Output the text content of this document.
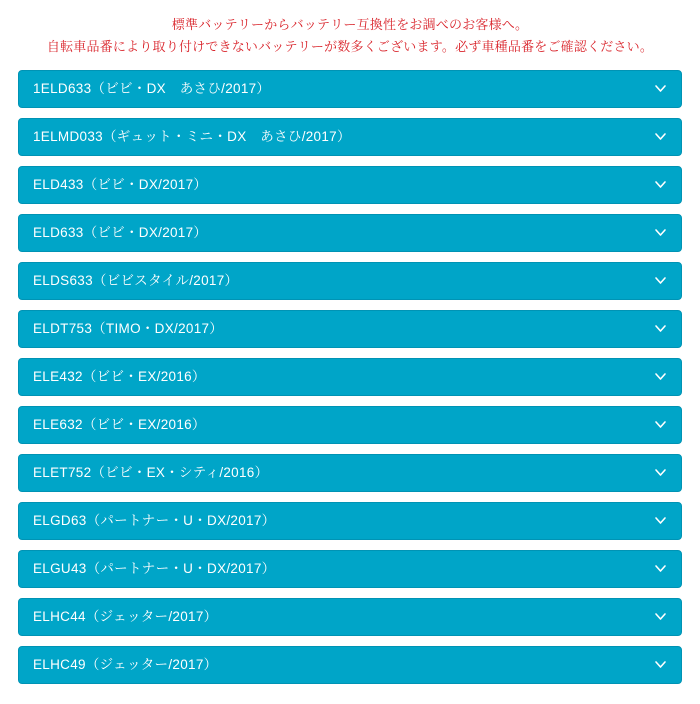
標準バッテリーからバッテリー互換性をお調べのお客様へ。
自転車品番により取り付けできないバッテリーが数多くございます。必ず車種品番をご確認ください。
1ELD633（ビビ・DX　あさひ/2017）
1ELMD033（ギュット・ミニ・DX　あさひ/2017）
ELD433（ビビ・DX/2017）
ELD633（ビビ・DX/2017）
ELDS633（ビビスタイル/2017）
ELDT753（TIMO・DX/2017）
ELE432（ビビ・EX/2016）
ELE632（ビビ・EX/2016）
ELET752（ビビ・EX・シティ/2016）
ELGD63（パートナー・U・DX/2017）
ELGU43（パートナー・U・DX/2017）
ELHC44（ジェッター/2017）
ELHC49（ジェッター/2017）
